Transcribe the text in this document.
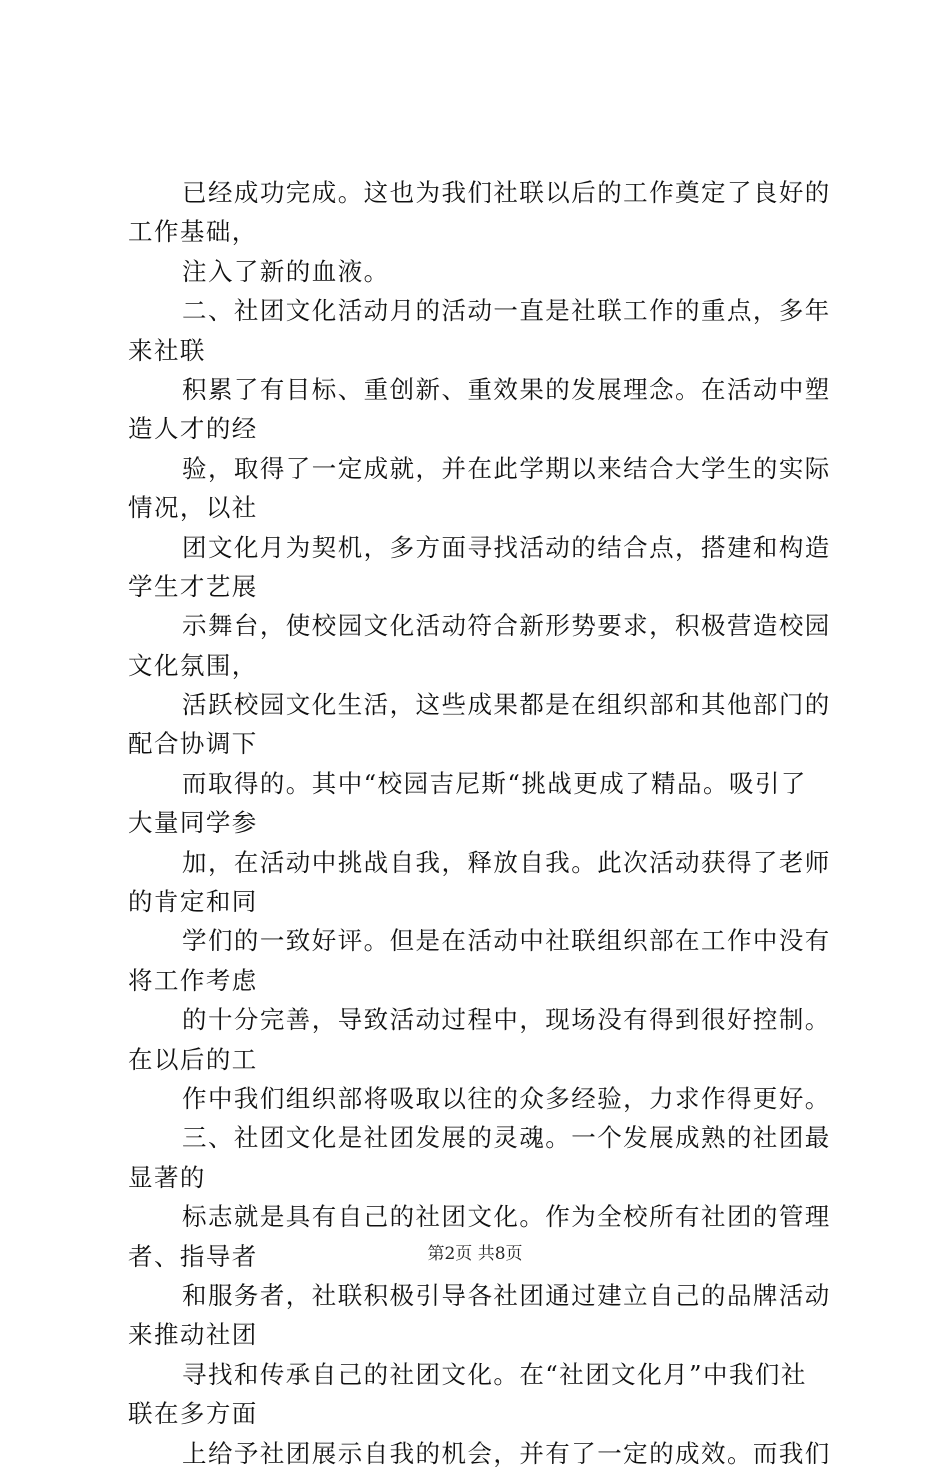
已经成功完成。这也为我们社联以后的工作奠定了良好的
工作基础，
注入了新的血液。
二、社团文化活动月的活动一直是社联工作的重点，多年
来社联
积累了有目标、重创新、重效果的发展理念。在活动中塑
造人才的经
验，取得了一定成就，并在此学期以来结合大学生的实际
情况，以社
团文化月为契机，多方面寻找活动的结合点，搭建和构造
学生才艺展
示舞台，使校园文化活动符合新形势要求，积极营造校园
文化氛围，
活跃校园文化生活，这些成果都是在组织部和其他部门的
配合协调下
而取得的。其中“校园吉尼斯“挑战更成了精品。吸引了
大量同学参
加，在活动中挑战自我，释放自我。此次活动获得了老师
的肯定和同
学们的一致好评。但是在活动中社联组织部在工作中没有
将工作考虑
的十分完善，导致活动过程中，现场没有得到很好控制。
在以后的工
作中我们组织部将吸取以往的众多经验，力求作得更好。
三、社团文化是社团发展的灵魂。一个发展成熟的社团最
显著的
标志就是具有自己的社团文化。作为全校所有社团的管理
者、指导者
和服务者，社联积极引导各社团通过建立自己的品牌活动
来推动社团
寻找和传承自己的社团文化。在“社团文化月”中我们社
联在多方面
上给予社团展示自我的机会，并有了一定的成效。而我们
第2页 共8页
